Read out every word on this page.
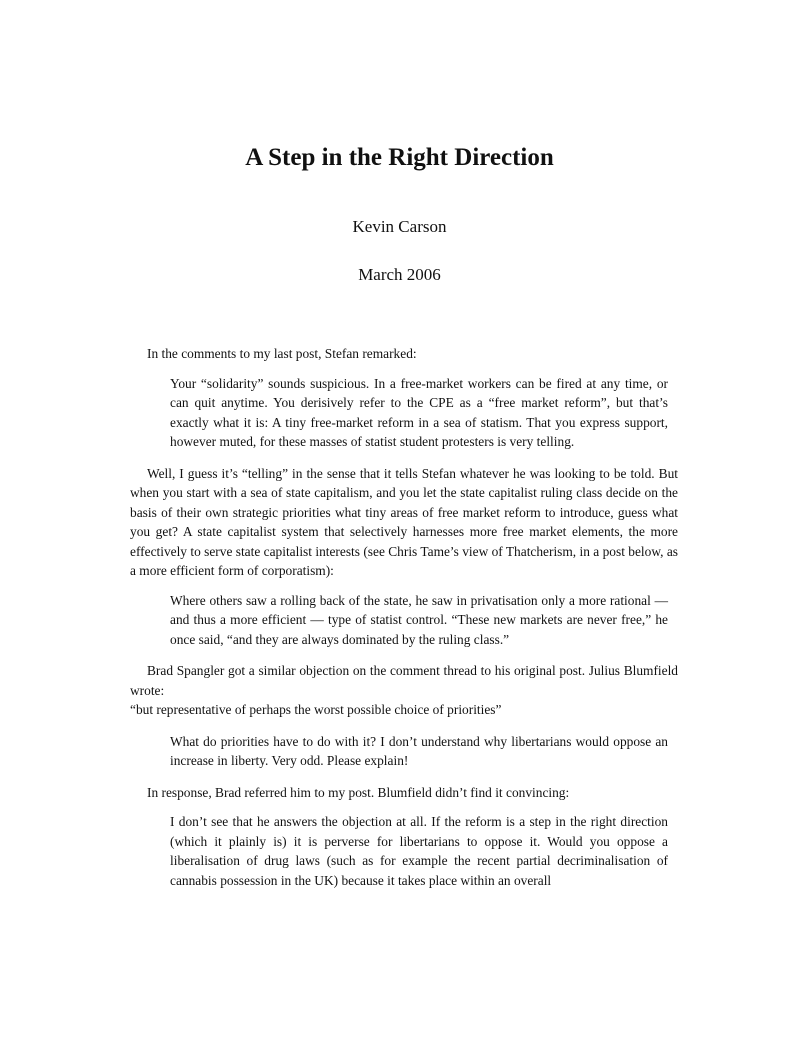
A Step in the Right Direction
Kevin Carson
March 2006

In the comments to my last post, Stefan remarked:

Your “solidarity” sounds suspicious. In a free-market workers can be fired at any time, or can quit anytime. You derisively refer to the CPE as a “free market reform”, but that’s exactly what it is: A tiny free-market reform in a sea of statism. That you express support, however muted, for these masses of statist student protesters is very telling.

Well, I guess it’s “telling” in the sense that it tells Stefan whatever he was looking to be told. But when you start with a sea of state capitalism, and you let the state capitalist ruling class decide on the basis of their own strategic priorities what tiny areas of free market reform to introduce, guess what you get? A state capitalist system that selectively harnesses more free market elements, the more effectively to serve state capitalist interests (see Chris Tame’s view of Thatcherism, in a post below, as a more efficient form of corporatism):

Where others saw a rolling back of the state, he saw in privatisation only a more rational — and thus a more efficient — type of statist control. “These new markets are never free,” he once said, “and they are always dominated by the ruling class.”

Brad Spangler got a similar objection on the comment thread to his original post. Julius Blumfield wrote:

“but representative of perhaps the worst possible choice of priorities”

What do priorities have to do with it? I don’t understand why libertarians would oppose an increase in liberty. Very odd. Please explain!

In response, Brad referred him to my post. Blumfield didn’t find it convincing:

I don’t see that he answers the objection at all. If the reform is a step in the right direction (which it plainly is) it is perverse for libertarians to oppose it. Would you oppose a liberalisation of drug laws (such as for example the recent partial decriminalisation of cannabis possession in the UK) because it takes place within an overall
